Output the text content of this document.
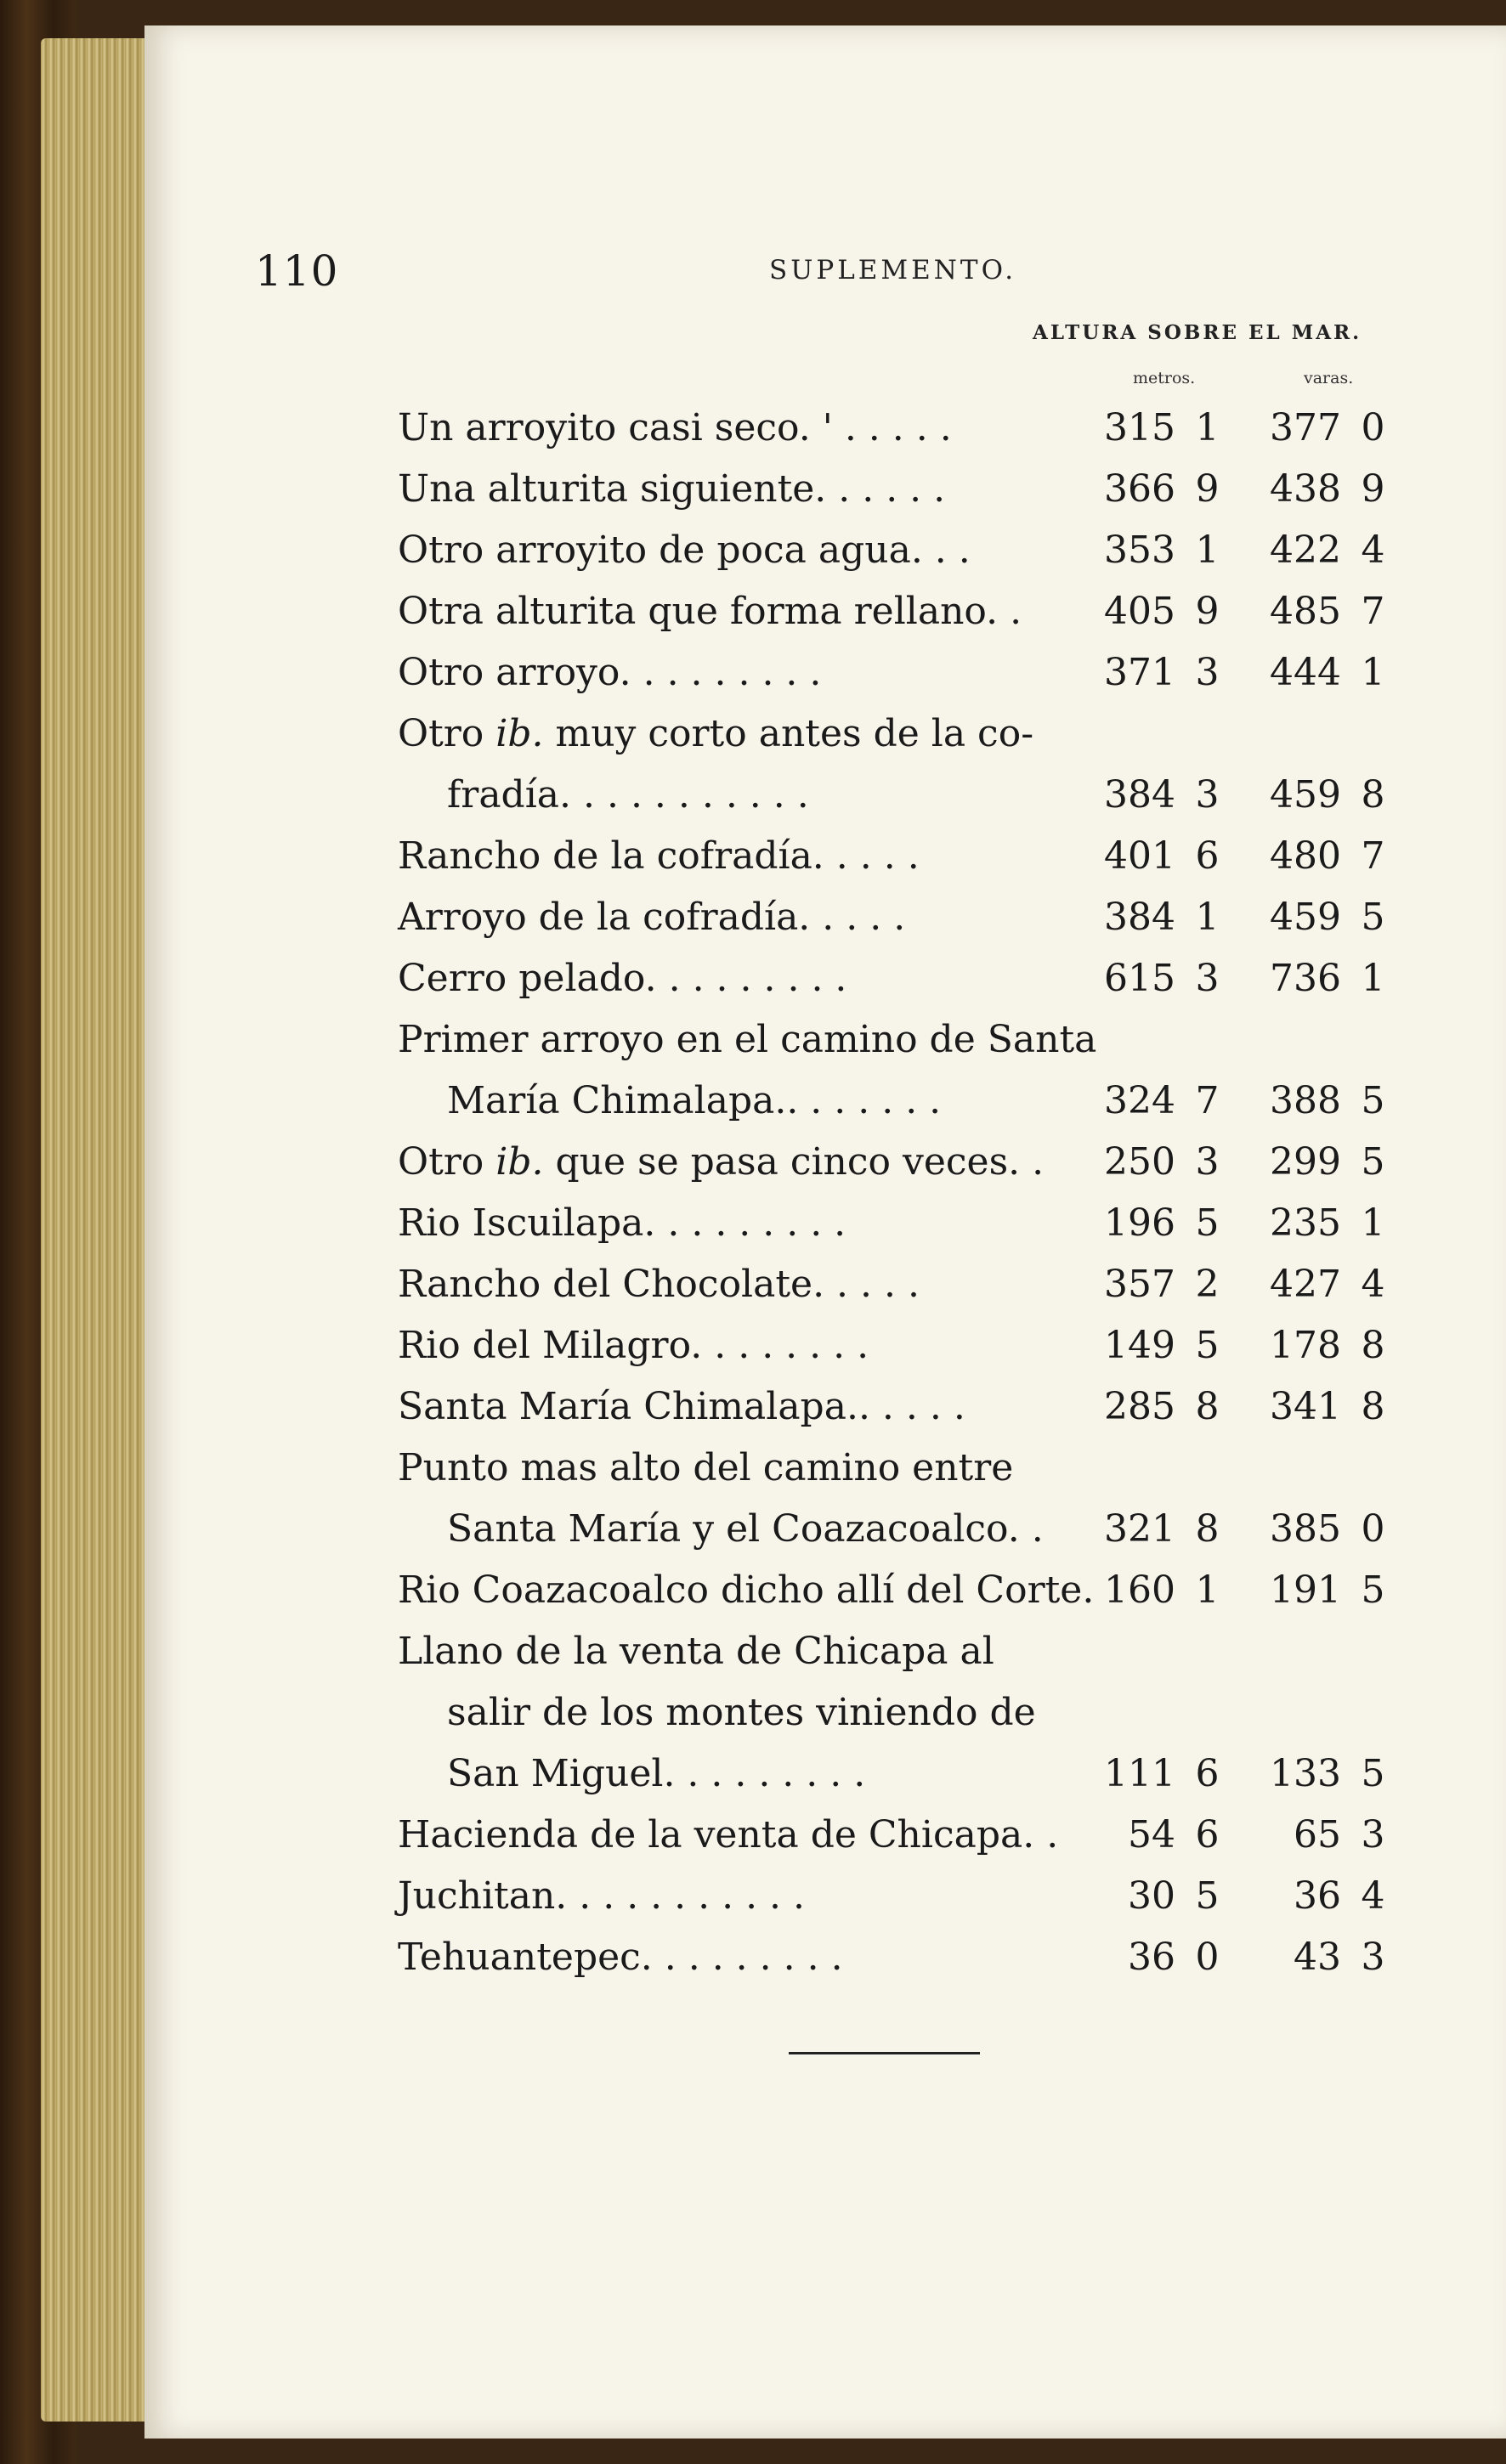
110	SUPLEMENTO.
ALTURA SOBRE EL MAR.
metros.	varas.
Un arroyito casi seco. ' . . . . .	315 1	377 0
Una alturita siguiente. . . . . .	366 9	438 9
Otro arroyito de poca agua. . .	353 1	422 4
Otra alturita que forma rellano. .	405 9	485 7
Otro arroyo. . . . . . . . .	371 3	444 1
Otro ib. muy corto antes de la co-
fradía. . . . . . . . . . .	384 3	459 8
Rancho de la cofradía. . . . .	401 6	480 7
Arroyo de la cofradía. . . . .	384 1	459 5
Cerro pelado. . . . . . . . .	615 3	736 1
Primer arroyo en el camino de Santa
María Chimalapa.. . . . . . .	324 7	388 5
Otro ib. que se pasa cinco veces. .	250 3	299 5
Rio Iscuilapa. . . . . . . . .	196 5	235 1
Rancho del Chocolate. . . . .	357 2	427 4
Rio del Milagro. . . . . . . .	149 5	178 8
Santa María Chimalapa.. . . . .	285 8	341 8
Punto mas alto del camino entre
Santa María y el Coazacoalco. .	321 8	385 0
Rio Coazacoalco dicho allí del Corte. 160 1	191 5
Llano de la venta de Chicapa al
salir de los montes viniendo de
San Miguel. . . . . . . . .	111 6	133 5
Hacienda de la venta de Chicapa. .	54 6	65 3
Juchitan. . . . . . . . . . .	30 5	36 4
Tehuantepec. . . . . . . . .	36 0	43 3
